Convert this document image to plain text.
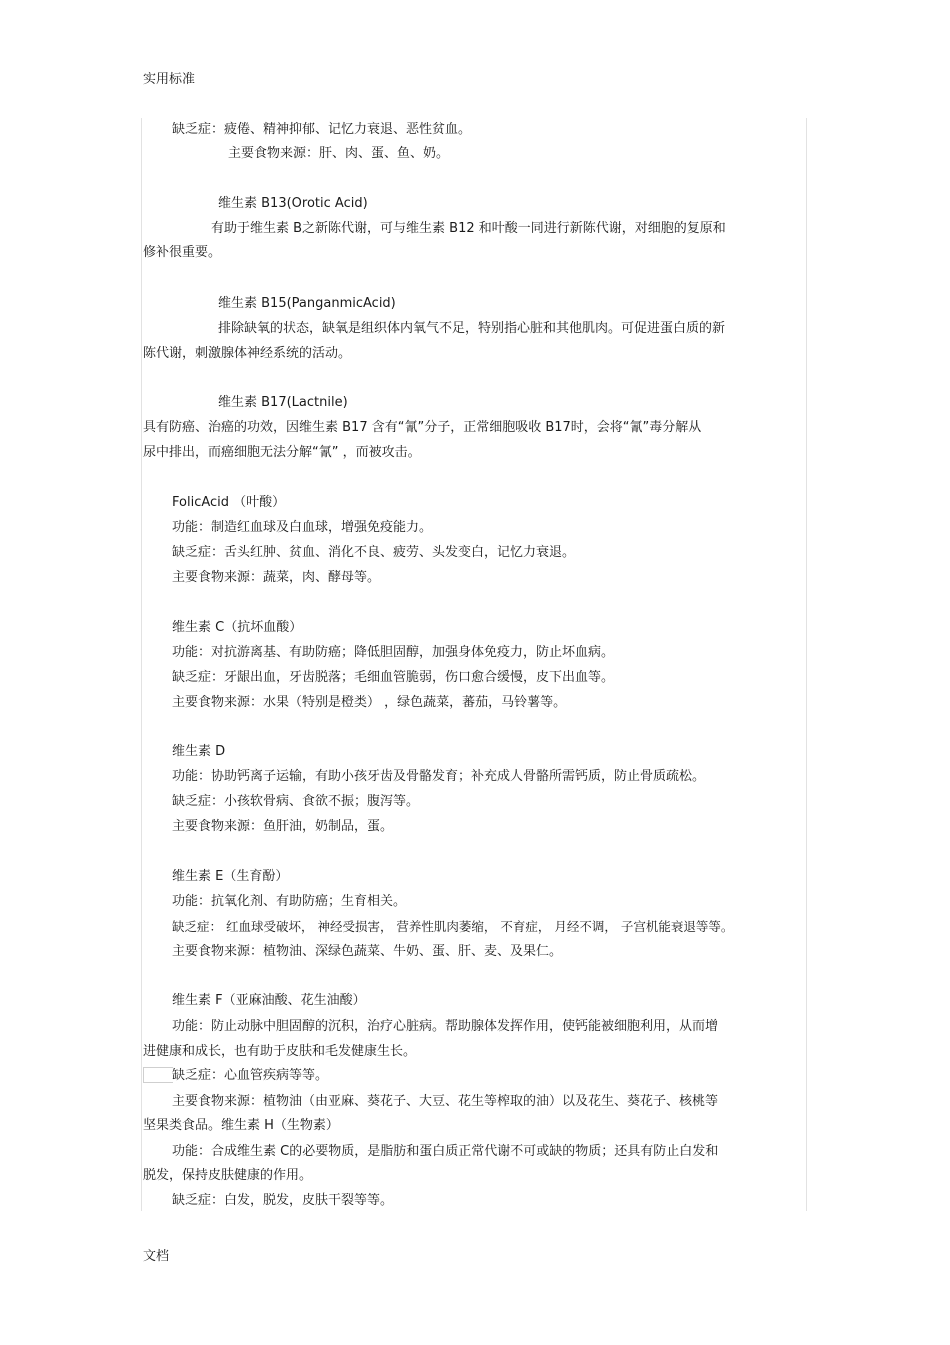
实用标准
缺乏症：疲倦、精神抑郁、记忆力衰退、恶性贫血。
主要食物来源：肝、肉、蛋、鱼、奶。
维生素 B13(Orotic Acid)
有助于维生素 B之新陈代谢，可与维生素 B12 和叶酸一同进行新陈代谢，对细胞的复原和
修补很重要。
维生素 B15(PanganmicAcid)
排除缺氧的状态，缺氧是组织体内氧气不足，特别指心脏和其他肌肉。可促进蛋白质的新
陈代谢，刺激腺体神经系统的活动。
维生素 B17(Lactnile)
具有防癌、治癌的功效，因维生素 B17 含有“氰”分子，正常细胞吸收 B17时，会将“氰”毒分解从
尿中排出，而癌细胞无法分解“氰” ，而被攻击。
FolicAcid （叶酸）
功能：制造红血球及白血球，增强免疫能力。
缺乏症：舌头红肿、贫血、消化不良、疲劳、头发变白，记忆力衰退。
主要食物来源：蔬菜，肉、酵母等。
维生素 C（抗坏血酸）
功能：对抗游离基、有助防癌；降低胆固醇，加强身体免疫力，防止坏血病。
缺乏症：牙龈出血，牙齿脱落；毛细血管脆弱，伤口愈合缓慢，皮下出血等。
主要食物来源：水果（特别是橙类） ，绿色蔬菜，蕃茄，马铃薯等。
维生素 D
功能：协助钙离子运输，有助小孩牙齿及骨骼发育；补充成人骨骼所需钙质，防止骨质疏松。
缺乏症：小孩软骨病、食欲不振；腹泻等。
主要食物来源：鱼肝油，奶制品，蛋。
维生素 E（生育酚）
功能：抗氧化剂、有助防癌；生育相关。
缺乏症： 红血球受破坏， 神经受损害， 营养性肌肉萎缩， 不育症， 月经不调， 子宫机能衰退等等。
主要食物来源：植物油、深绿色蔬菜、牛奶、蛋、肝、麦、及果仁。
维生素 F（亚麻油酸、花生油酸）
功能：防止动脉中胆固醇的沉积，治疗心脏病。帮助腺体发挥作用，使钙能被细胞利用，从而增
进健康和成长，也有助于皮肤和毛发健康生长。
缺乏症：心血管疾病等等。
主要食物来源：植物油（由亚麻、葵花子、大豆、花生等榨取的油）以及花生、葵花子、核桃等
坚果类食品。维生素 H（生物素）
功能：合成维生素 C的必要物质，是脂肪和蛋白质正常代谢不可或缺的物质；还具有防止白发和
脱发，保持皮肤健康的作用。
缺乏症：白发，脱发，皮肤干裂等等。
文档
